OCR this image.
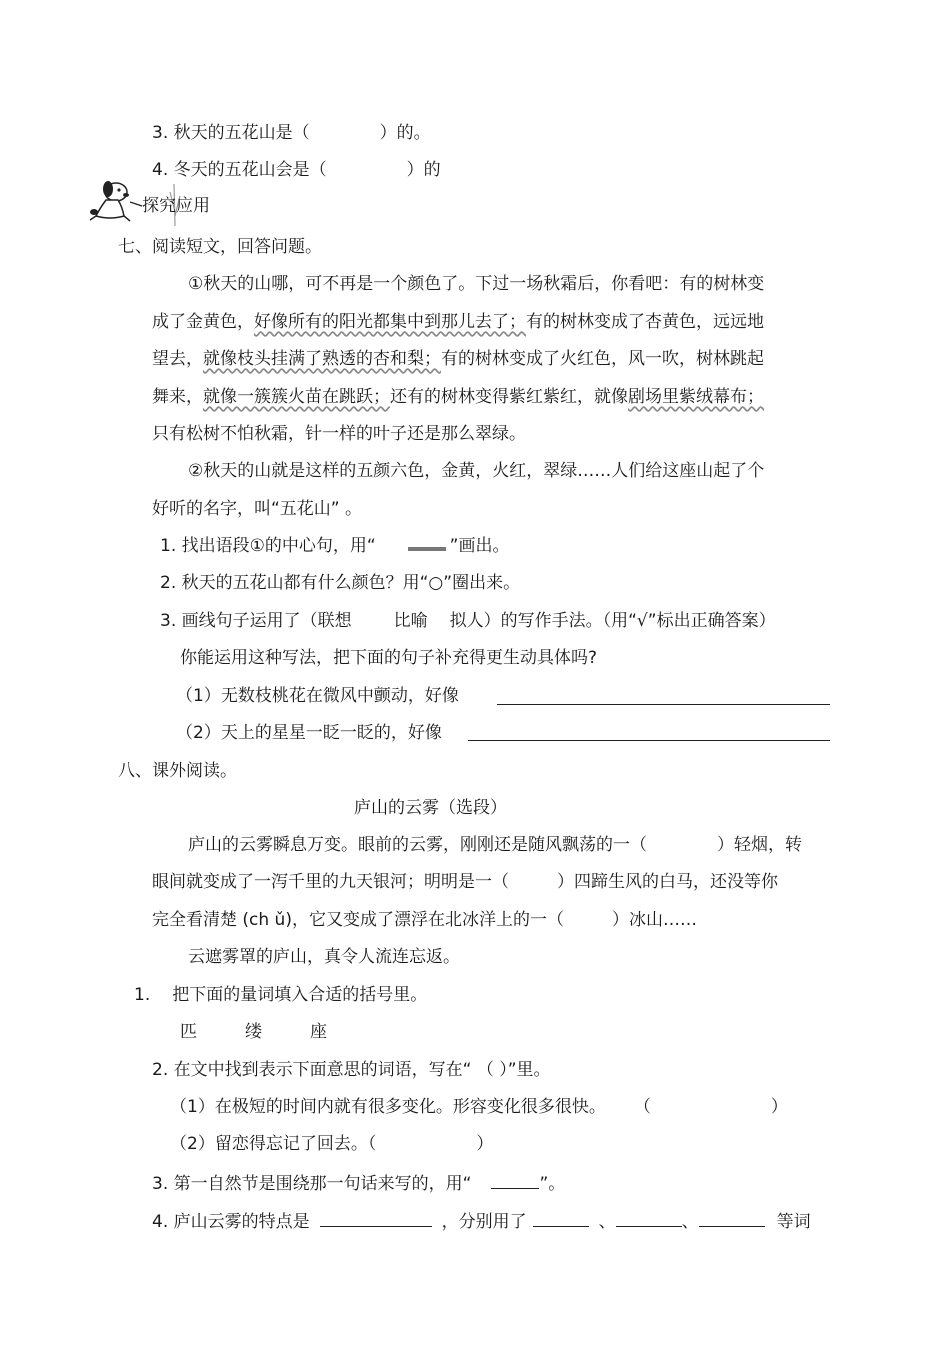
3. 秋天的五花山是（	）的。
4. 冬天的五花山会是（	）的
探究应用
七、阅读短文，回答问题。
①秋天的山哪，可不再是一个颜色了。下过一场秋霜后，你看吧：有的树林变
成了金黄色，好像所有的阳光都集中到那儿去了；有的树林变成了杏黄色，远远地
望去，就像枝头挂满了熟透的杏和梨；有的树林变成了火红色，风一吹，树林跳起
舞来，就像一簇簇火苗在跳跃；还有的树林变得紫红紫红，就像剧场里紫绒幕布；
只有松树不怕秋霜，针一样的叶子还是那么翠绿。
②秋天的山就是这样的五颜六色，金黄，火红，翠绿……人们给这座山起了个
好听的名字，叫“五花山” 。
1. 找出语段①的中心句，用“	”画出。
2. 秋天的五花山都有什么颜色？用“○”圈出来。
3. 画线句子运用了（联想 比喻 拟人）的写作手法。（用“√”标出正确答案）
你能运用这种写法，把下面的句子补充得更生动具体吗?
（1）无数枝桃花在微风中颤动，好像
（2）天上的星星一眨一眨的，好像
八、课外阅读。
庐山的云雾（选段）
庐山的云雾瞬息万变。眼前的云雾，刚刚还是随风飘荡的一（	）轻烟，转
眼间就变成了一泻千里的九天银河；明明是一（	）四蹄生风的白马，还没等你
完全看清楚 (ch ǔ)，它又变成了漂浮在北冰洋上的一（	）冰山……
云遮雾罩的庐山，真令人流连忘返。
1. 把下面的量词填入合适的括号里。
匹	缕	座
2. 在文中找到表示下面意思的词语，写在“ （ ）”里。
（1）在极短的时间内就有很多变化。形容变化很多很快。 （	）
（2）留恋得忘记了回去。（	）
3. 第一自然节是围绕那一句话来写的，用“	”。
4. 庐山云雾的特点是	，分别用了	、	、	等词
